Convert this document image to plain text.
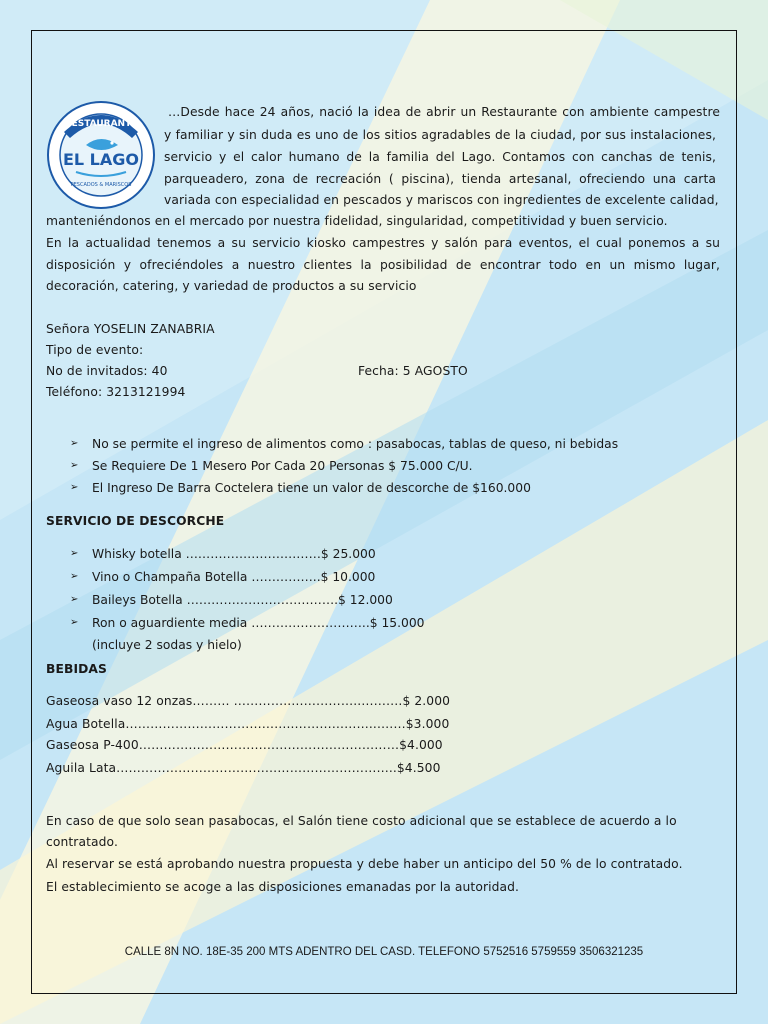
RESTAURANTE
EL LAGO
PESCADOS & MARISCOS
…Desde hace 24 años, nació la idea de abrir un Restaurante con ambiente campestre
y familiar y sin duda es uno de los sitios agradables de la ciudad, por sus instalaciones,
servicio y el calor humano de la familia del Lago. Contamos con canchas de tenis,
parqueadero, zona de recreación ( piscina), tienda artesanal, ofreciendo una carta
variada con especialidad en pescados y mariscos con ingredientes de excelente calidad,
manteniéndonos en el mercado por nuestra fidelidad, singularidad, competitividad y buen servicio.
En la actualidad tenemos a su servicio kiosko campestres y salón para eventos, el cual ponemos a su
disposición y ofreciéndoles a nuestro clientes la posibilidad de encontrar todo en un mismo lugar,
decoración, catering, y variedad de productos a su servicio
Señora YOSELIN ZANABRIA
Tipo de evento:
No de invitados: 40	Fecha: 5 AGOSTO
Teléfono: 3213121994
➢ No se permite el ingreso de alimentos como : pasabocas, tablas de queso, ni bebidas
➢ Se Requiere De 1 Mesero Por Cada 20 Personas $ 75.000 C/U.
➢ El Ingreso De Barra Coctelera tiene un valor de descorche de $160.000
SERVICIO DE DESCORCHE
➢ Whisky botella ……………………………$ 25.000
➢ Vino o Champaña Botella ……………..$ 10.000
➢ Baileys Botella ……………………………….$ 12.000
➢ Ron o aguardiente media ………………………..$ 15.000
(incluye 2 sodas y hielo)
BEBIDAS
Gaseosa vaso 12 onzas……… …………..……………..……….$ 2.000
Agua Botella…………………………………..………………...……$3.000
Gaseosa P-400………………………………………………………$4.000
Aguila Lata…………………………………………………………..$4.500
En caso de que solo sean pasabocas, el Salón tiene costo adicional que se establece de acuerdo a lo
contratado.
Al reservar se está aprobando nuestra propuesta y debe haber un anticipo del 50 % de lo contratado.
El establecimiento se acoge a las disposiciones emanadas por la autoridad.
CALLE 8N NO. 18E-35 200 MTS ADENTRO DEL CASD. TELEFONO 5752516 5759559 3506321235
